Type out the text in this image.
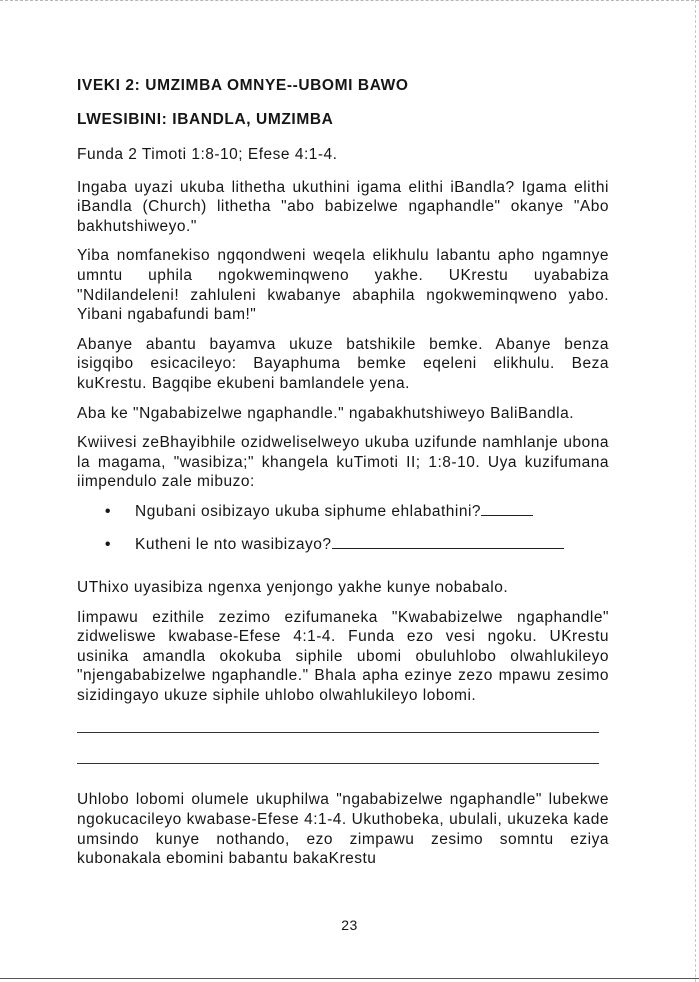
IVEKI 2: UMZIMBA OMNYE--UBOMI BAWO
LWESIBINI: IBANDLA, UMZIMBA

Funda 2 Timoti 1:8-10; Efese 4:1-4.

Ingaba uyazi ukuba lithetha ukuthini igama elithi iBandla? Igama elithi iBandla (Church) lithetha "abo babizelwe ngaphandle" okanye "Abo bakhutshiweyo."

Yiba nomfanekiso ngqondweni weqela elikhulu labantu apho ngamnye umntu uphila ngokweminqweno yakhe. UKrestu uyababiza "Ndilandeleni! zahluleni kwabanye abaphila ngokweminqweno yabo. Yibani ngabafundi bam!"

Abanye abantu bayamva ukuze batshikile bemke. Abanye benza isigqibo esicacileyo: Bayaphuma bemke eqeleni elikhulu. Beza kuKrestu. Bagqibe ekubeni bamlandele yena.

Aba ke "Ngababizelwe ngaphandle." ngabakhutshiweyo BaliBandla.

Kwiivesi zeBhayibhile ozidweliselweyo ukuba uzifunde namhlanje ubona la magama, "wasibiza;" khangela kuTimoti II; 1:8-10. Uya kuzifumana iimpendulo zale mibuzo:

• Ngubani osibizayo ukuba siphume ehlabathini?
• Kutheni le nto wasibizayo?

UThixo uyasibiza ngenxa yenjongo yakhe kunye nobabalo.

Iimpawu ezithile zezimo ezifumaneka "Kwababizelwe ngaphandle" zidweliswe kwabase-Efese 4:1-4. Funda ezo vesi ngoku. UKrestu usinika amandla okokuba siphile ubomi obuluhlobo olwahlukileyo "njengababizelwe ngaphandle." Bhala apha ezinye zezo mpawu zesimo sizidingayo ukuze siphile uhlobo olwahlukileyo lobomi.

Uhlobo lobomi olumele ukuphilwa "ngababizelwe ngaphandle" lubekwe ngokucacileyo kwabase-Efese 4:1-4. Ukuthobeka, ubulali, ukuzeka kade umsindo kunye nothando, ezo zimpawu zesimo somntu eziya kubonakala ebomini babantu bakaKrestu

23
